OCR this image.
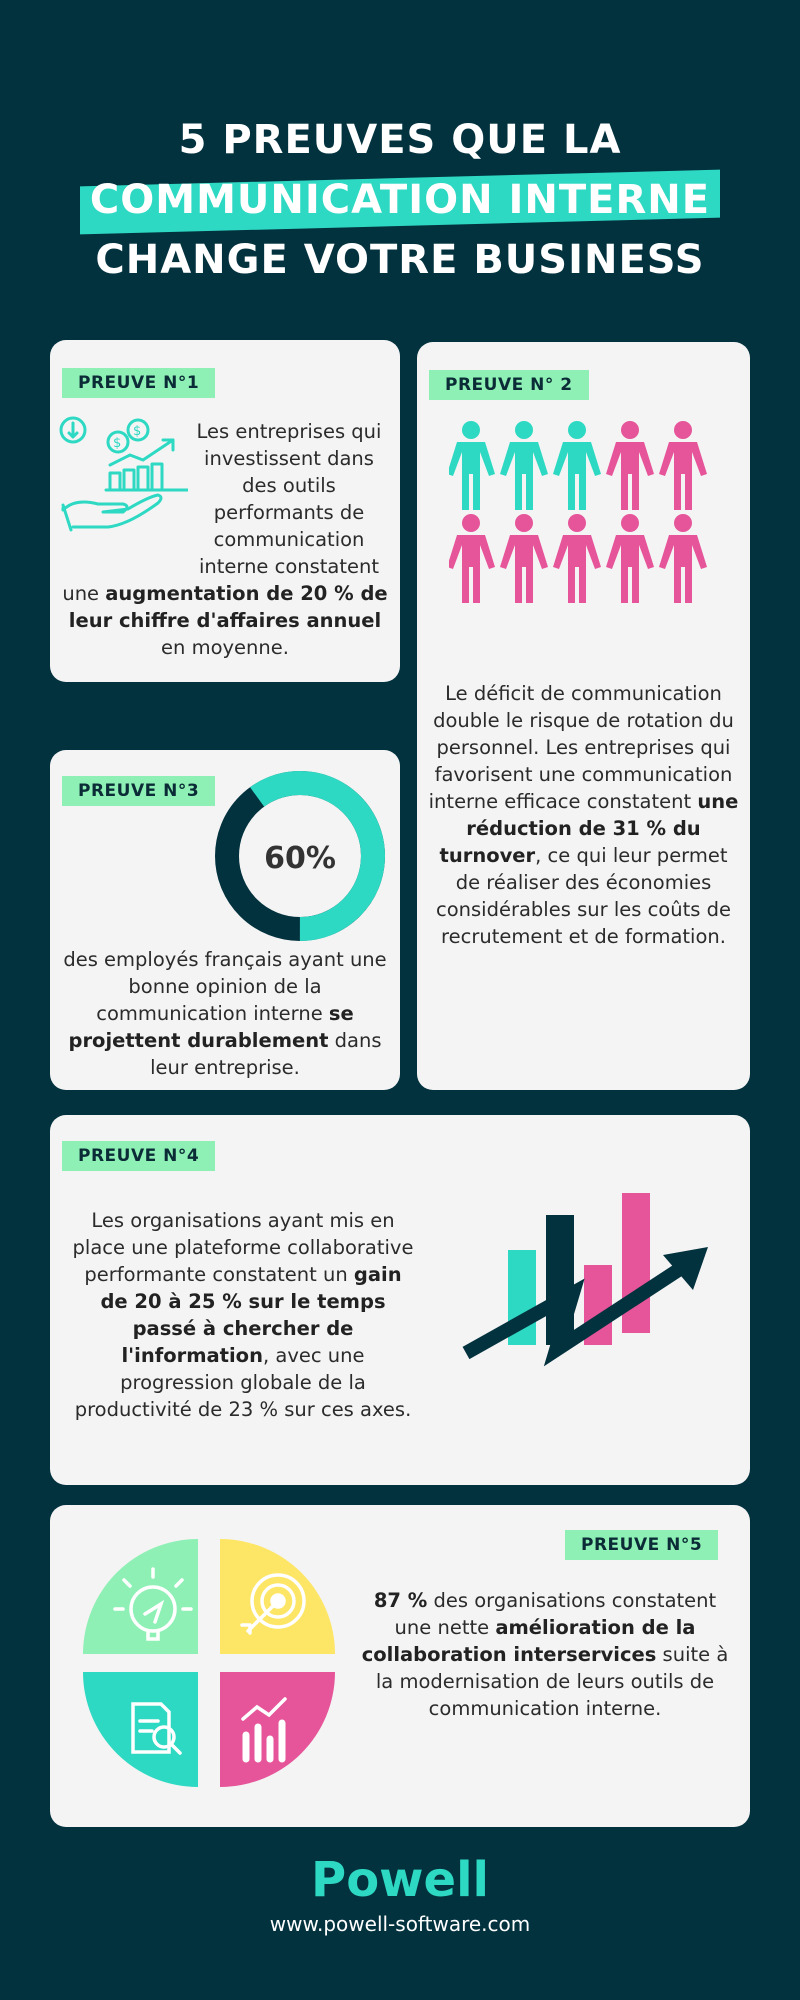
5 PREUVES QUE LA
COMMUNICATION INTERNE
CHANGE VOTRE BUSINESS
PREUVE N°1
$
$	Les entreprises qui investissent dans des outils performants de communication interne constatent une augmentation de 20 % de leur chiffre d'affaires annuel en moyenne.
PREUVE N° 2
Le déficit de communication double le risque de rotation du personnel. Les entreprises qui favorisent une communication interne efficace constatent une réduction de 31 % du turnover, ce qui leur permet de réaliser des économies considérables sur les coûts de recrutement et de formation.
PREUVE N°3
60%
des employés français ayant une bonne opinion de la communication interne se projettent durablement dans leur entreprise.
PREUVE N°4
Les organisations ayant mis en place une plateforme collaborative performante constatent un gain de 20 à 25 % sur le temps passé à chercher de l'information, avec une progression globale de la productivité de 23 % sur ces axes.
PREUVE N°5
87 % des organisations constatent une nette amélioration de la collaboration interservices suite à la modernisation de leurs outils de communication interne.
Powell
www.powell-software.com
